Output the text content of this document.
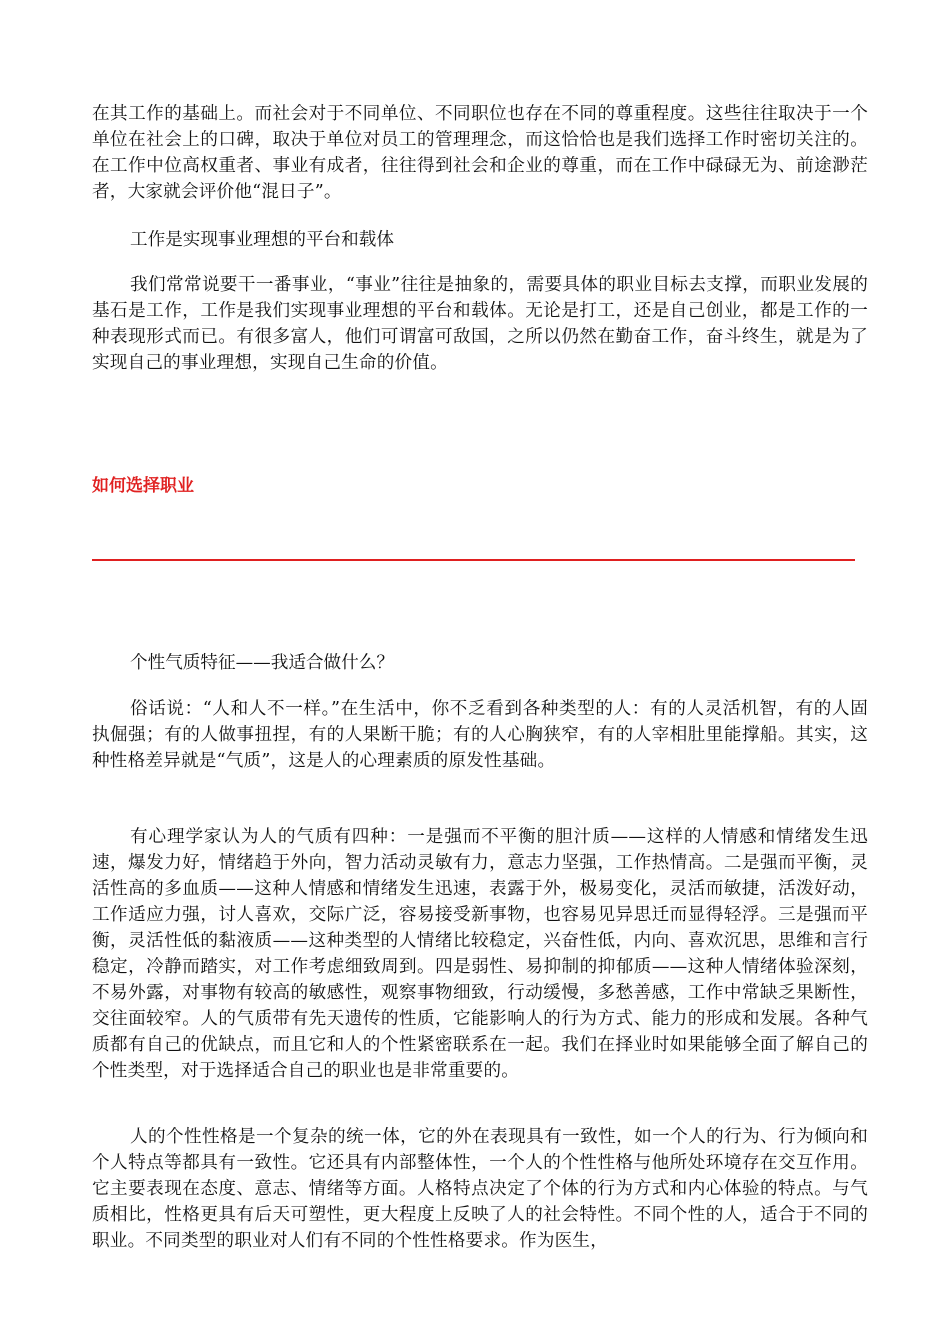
在其工作的基础上。而社会对于不同单位、不同职位也存在不同的尊重程度。这些往往取决于一个单位在社会上的口碑，取决于单位对员工的管理理念，而这恰恰也是我们选择工作时密切关注的。在工作中位高权重者、事业有成者，往往得到社会和企业的尊重，而在工作中碌碌无为、前途渺茫者，大家就会评价他“混日子”。

工作是实现事业理想的平台和载体

我们常常说要干一番事业，“事业”往往是抽象的，需要具体的职业目标去支撑，而职业发展的基石是工作，工作是我们实现事业理想的平台和载体。无论是打工，还是自己创业，都是工作的一种表现形式而已。有很多富人，他们可谓富可敌国，之所以仍然在勤奋工作，奋斗终生，就是为了实现自己的事业理想，实现自己生命的价值。

如何选择职业

个性气质特征——我适合做什么？

俗话说：“人和人不一样。”在生活中，你不乏看到各种类型的人：有的人灵活机智，有的人固执倔强；有的人做事扭捏，有的人果断干脆；有的人心胸狭窄，有的人宰相肚里能撑船。其实，这种性格差异就是“气质”，这是人的心理素质的原发性基础。

有心理学家认为人的气质有四种：一是强而不平衡的胆汁质——这样的人情感和情绪发生迅速，爆发力好，情绪趋于外向，智力活动灵敏有力，意志力坚强，工作热情高。二是强而平衡，灵活性高的多血质——这种人情感和情绪发生迅速，表露于外，极易变化，灵活而敏捷，活泼好动，工作适应力强，讨人喜欢，交际广泛，容易接受新事物，也容易见异思迁而显得轻浮。三是强而平衡，灵活性低的黏液质——这种类型的人情绪比较稳定，兴奋性低，内向、喜欢沉思，思维和言行稳定，冷静而踏实，对工作考虑细致周到。四是弱性、易抑制的抑郁质——这种人情绪体验深刻，不易外露，对事物有较高的敏感性，观察事物细致，行动缓慢，多愁善感，工作中常缺乏果断性，交往面较窄。人的气质带有先天遗传的性质，它能影响人的行为方式、能力的形成和发展。各种气质都有自己的优缺点，而且它和人的个性紧密联系在一起。我们在择业时如果能够全面了解自己的个性类型，对于选择适合自己的职业也是非常重要的。

人的个性性格是一个复杂的统一体，它的外在表现具有一致性，如一个人的行为、行为倾向和个人特点等都具有一致性。它还具有内部整体性，一个人的个性性格与他所处环境存在交互作用。它主要表现在态度、意志、情绪等方面。人格特点决定了个体的行为方式和内心体验的特点。与气质相比，性格更具有后天可塑性，更大程度上反映了人的社会特性。不同个性的人，适合于不同的职业。不同类型的职业对人们有不同的个性性格要求。作为医生，
